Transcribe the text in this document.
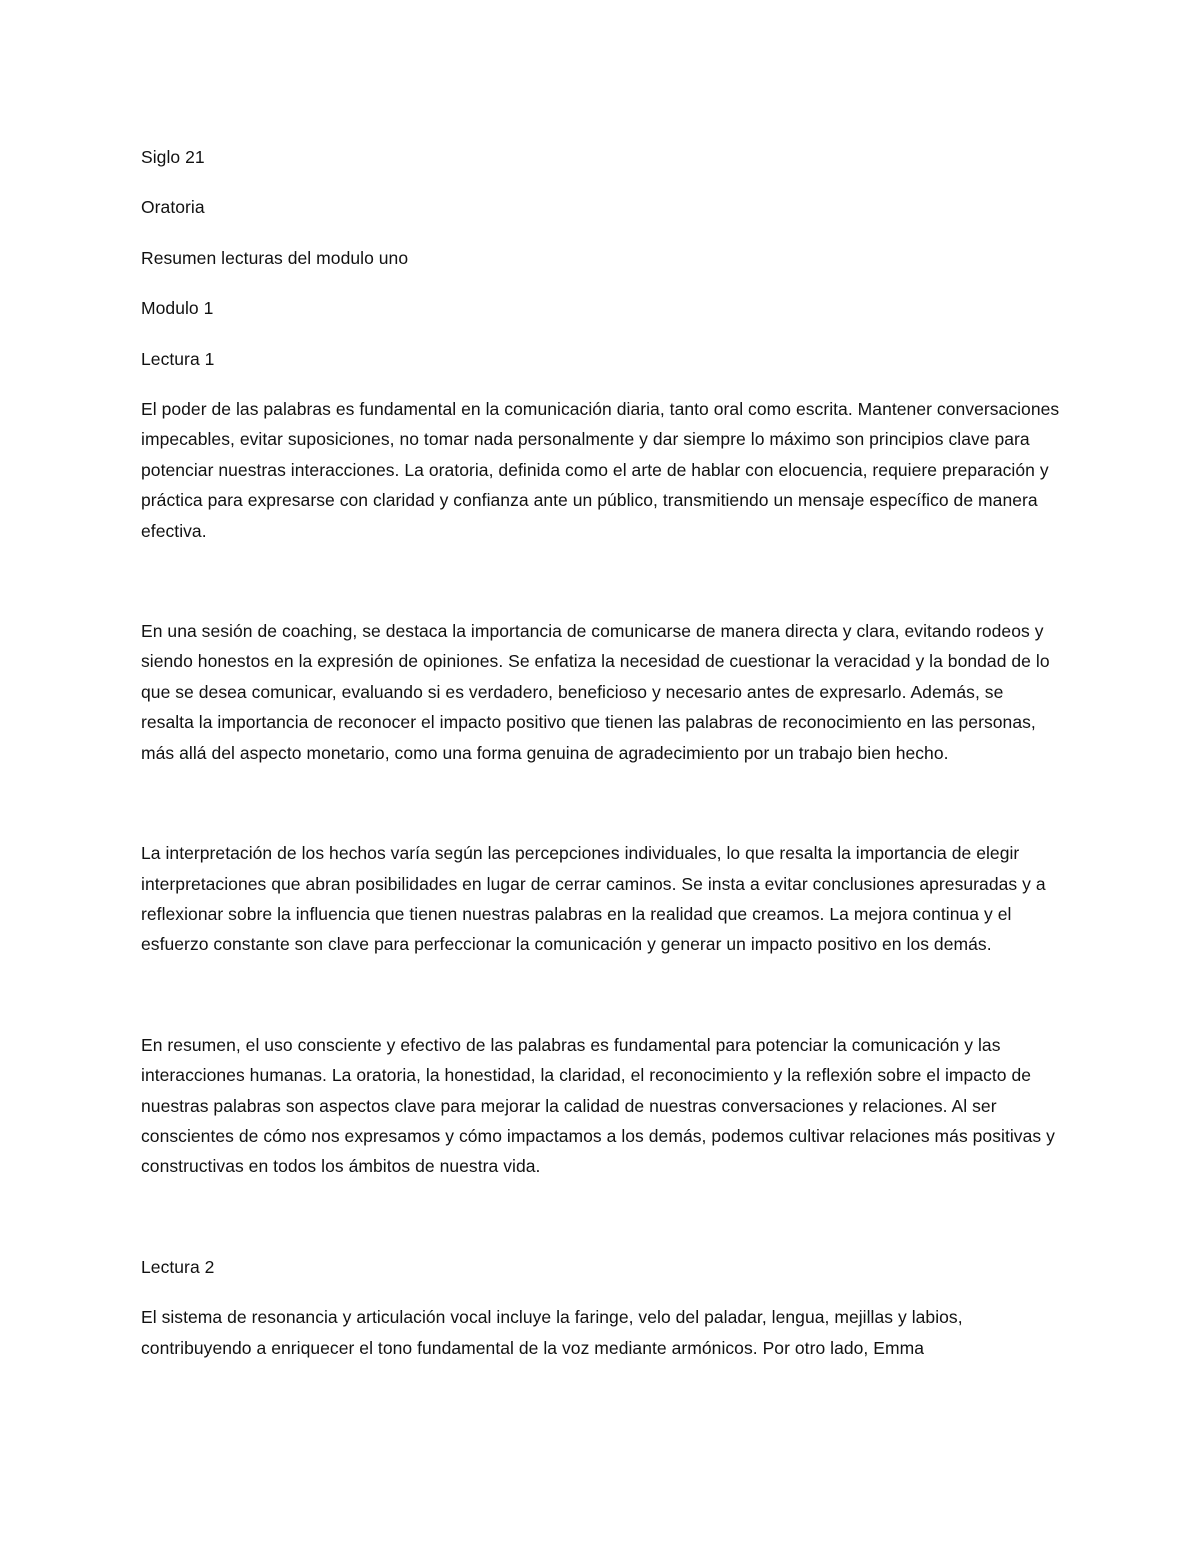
Siglo 21
Oratoria
Resumen lecturas del modulo uno
Modulo 1
Lectura 1

El poder de las palabras es fundamental en la comunicación diaria, tanto oral como escrita. Mantener conversaciones impecables, evitar suposiciones, no tomar nada personalmente y dar siempre lo máximo son principios clave para potenciar nuestras interacciones. La oratoria, definida como el arte de hablar con elocuencia, requiere preparación y práctica para expresarse con claridad y confianza ante un público, transmitiendo un mensaje específico de manera efectiva.

En una sesión de coaching, se destaca la importancia de comunicarse de manera directa y clara, evitando rodeos y siendo honestos en la expresión de opiniones. Se enfatiza la necesidad de cuestionar la veracidad y la bondad de lo que se desea comunicar, evaluando si es verdadero, beneficioso y necesario antes de expresarlo. Además, se resalta la importancia de reconocer el impacto positivo que tienen las palabras de reconocimiento en las personas, más allá del aspecto monetario, como una forma genuina de agradecimiento por un trabajo bien hecho.

La interpretación de los hechos varía según las percepciones individuales, lo que resalta la importancia de elegir interpretaciones que abran posibilidades en lugar de cerrar caminos. Se insta a evitar conclusiones apresuradas y a reflexionar sobre la influencia que tienen nuestras palabras en la realidad que creamos. La mejora continua y el esfuerzo constante son clave para perfeccionar la comunicación y generar un impacto positivo en los demás.

En resumen, el uso consciente y efectivo de las palabras es fundamental para potenciar la comunicación y las interacciones humanas. La oratoria, la honestidad, la claridad, el reconocimiento y la reflexión sobre el impacto de nuestras palabras son aspectos clave para mejorar la calidad de nuestras conversaciones y relaciones. Al ser conscientes de cómo nos expresamos y cómo impactamos a los demás, podemos cultivar relaciones más positivas y constructivas en todos los ámbitos de nuestra vida.

Lectura 2

El sistema de resonancia y articulación vocal incluye la faringe, velo del paladar, lengua, mejillas y labios, contribuyendo a enriquecer el tono fundamental de la voz mediante armónicos. Por otro lado, Emma
